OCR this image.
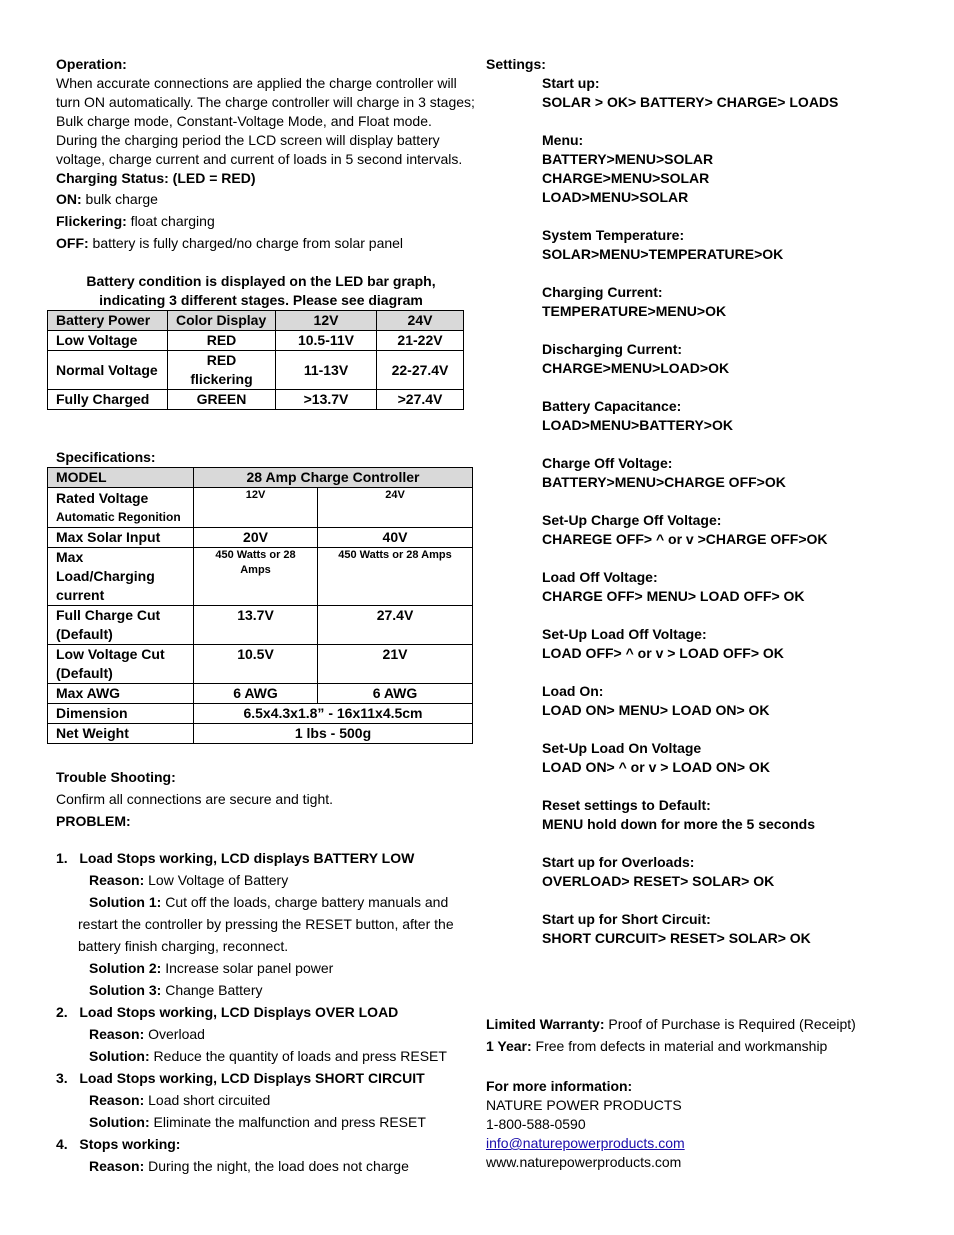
Operation:

When accurate connections are applied the charge controller will turn ON automatically. The charge controller will charge in 3 stages; Bulk charge mode, Constant-Voltage Mode, and Float mode. During the charging period the LCD screen will display battery voltage, charge current and current of loads in 5 second intervals.

Charging Status: (LED = RED)

ON: bulk charge

Flickering: float charging

OFF: battery is fully charged/no charge from solar panel

Battery condition is displayed on the LED bar graph, indicating 3 different stages. Please see diagram

Battery Power	Color Display	12V	24V
Low Voltage	RED	10.5-11V	21-22V
Normal Voltage	RED flickering	11-13V	22-27.4V
Fully Charged	GREEN	>13.7V	>27.4V

Specifications:

MODEL	28 Amp Charge Controller	
Rated Voltage
Automatic Regonition	12V	24V
Max Solar Input	20V	40V
Max Load/Charging current	450 Watts or 28 Amps	450 Watts or 28 Amps
Full Charge Cut (Default)	13.7V	27.4V
Low Voltage Cut (Default)	10.5V	21V
Max AWG	6 AWG	6 AWG
Dimension	6.5x4.3x1.8” - 16x11x4.5cm	
Net Weight	1 lbs - 500g	

Trouble Shooting:

Confirm all connections are secure and tight.

PROBLEM:

1. Load Stops working, LCD displays BATTERY LOW

Reason: Low Voltage of Battery

Solution 1: Cut off the loads, charge battery manuals and restart the controller by pressing the RESET button, after the battery finish charging, reconnect.

Solution 2: Increase solar panel power

Solution 3: Change Battery

2. Load Stops working, LCD Displays OVER LOAD

Reason: Overload

Solution: Reduce the quantity of loads and press RESET

3. Load Stops working, LCD Displays SHORT CIRCUIT

Reason: Load short circuited

Solution: Eliminate the malfunction and press RESET

4. Stops working:

Reason: During the night, the load does not charge

Settings:

Start up:

SOLAR > OK> BATTERY> CHARGE> LOADS

Menu:

BATTERY>MENU>SOLAR

CHARGE>MENU>SOLAR

LOAD>MENU>SOLAR

System Temperature:

SOLAR>MENU>TEMPERATURE>OK

Charging Current:

TEMPERATURE>MENU>OK

Discharging Current:

CHARGE>MENU>LOAD>OK

Battery Capacitance:

LOAD>MENU>BATTERY>OK

Charge Off Voltage:

BATTERY>MENU>CHARGE OFF>OK

Set-Up Charge Off Voltage:

CHAREGE OFF> ^ or v >CHARGE OFF>OK

Load Off Voltage:

CHARGE OFF> MENU> LOAD OFF> OK

Set-Up Load Off Voltage:

LOAD OFF> ^ or v > LOAD OFF> OK

Load On:

LOAD ON> MENU> LOAD ON> OK

Set-Up Load On Voltage

LOAD ON> ^ or v > LOAD ON> OK

Reset settings to Default:

MENU hold down for more the 5 seconds

Start up for Overloads:

OVERLOAD> RESET> SOLAR> OK

Start up for Short Circuit:

SHORT CURCUIT> RESET> SOLAR> OK

Limited Warranty: Proof of Purchase is Required (Receipt)

1 Year: Free from defects in material and workmanship

For more information:

NATURE POWER PRODUCTS

1-800-588-0590

info@naturepowerproducts.com

www.naturepowerproducts.com
